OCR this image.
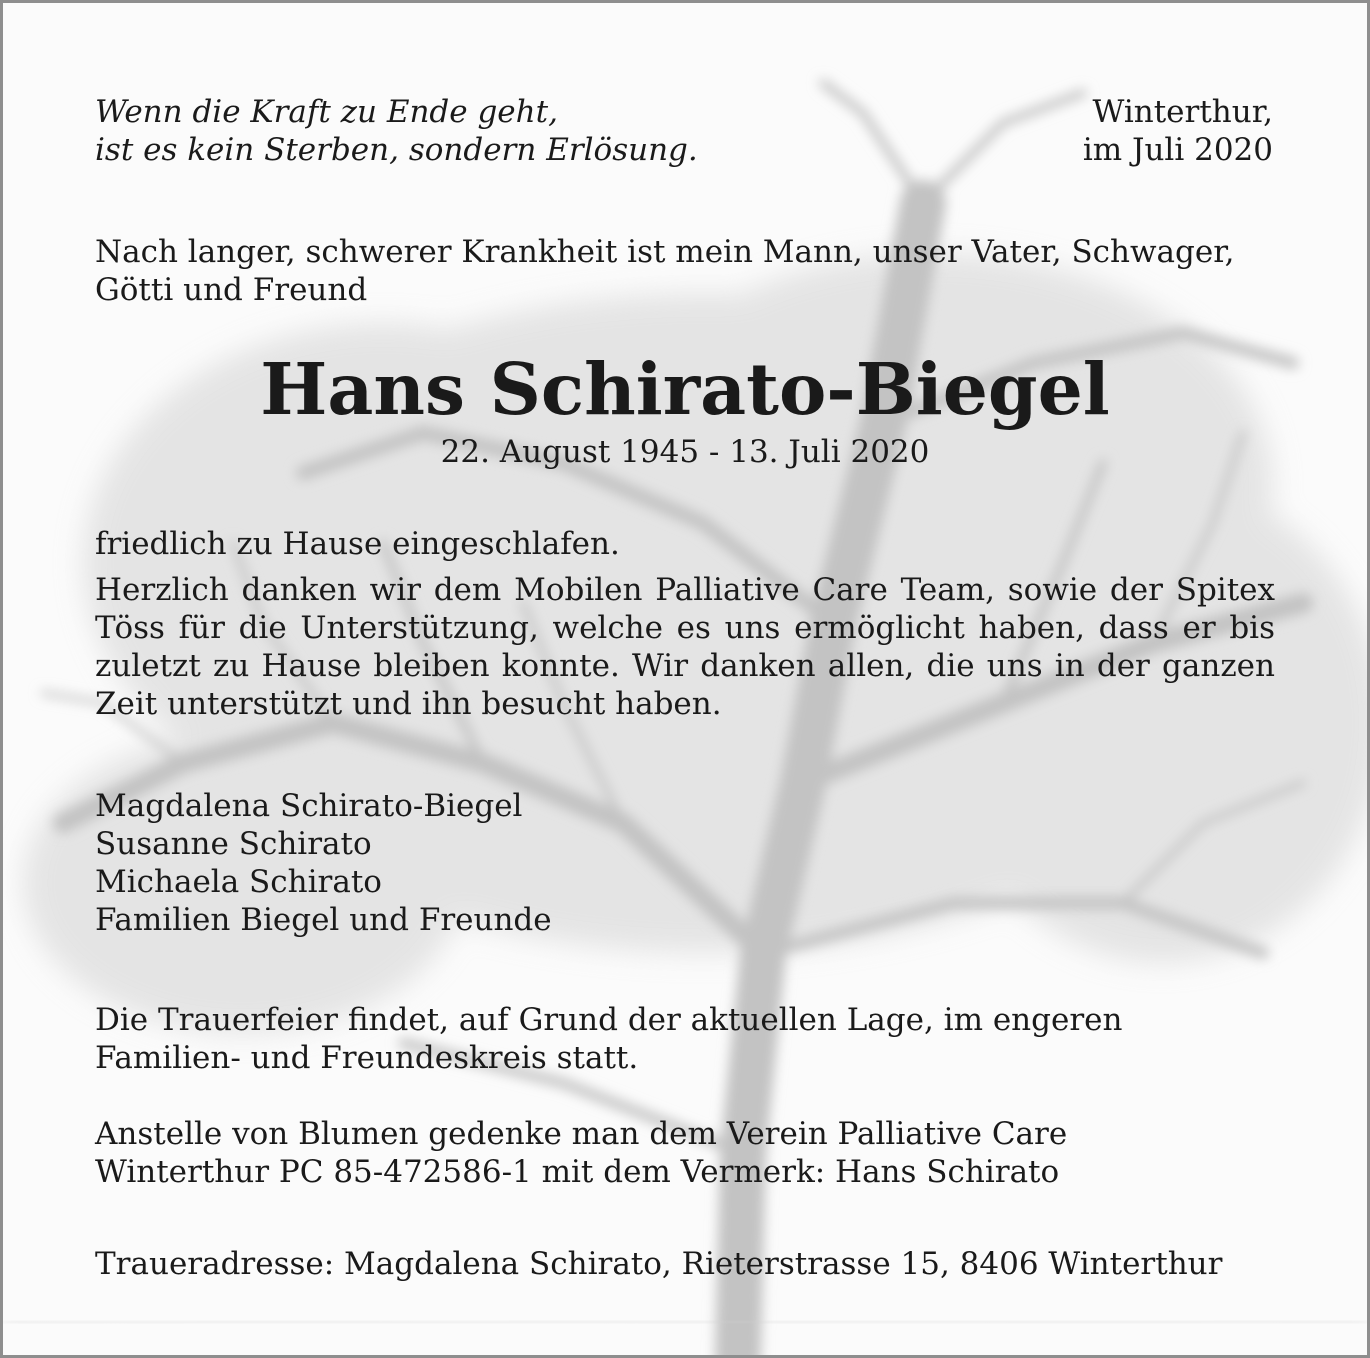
Wenn die Kraft zu Ende geht,
ist es kein Sterben, sondern Erlösung.
Winterthur,
im Juli 2020
Nach langer, schwerer Krankheit ist mein Mann, unser Vater, Schwager,
Götti und Freund
Hans Schirato-Biegel
22. August 1945 - 13. Juli 2020

friedlich zu Hause eingeschlafen.

Herzlich danken wir dem Mobilen Palliative Care Team, sowie der Spitex Töss für die Unterstützung, welche es uns ermöglicht haben, dass er bis zuletzt zu Hause bleiben konnte. Wir danken allen, die uns in der ganzen Zeit unterstützt und ihn besucht haben.

Magdalena Schirato-Biegel
Susanne Schirato
Michaela Schirato
Familien Biegel und Freunde
Die Trauerfeier findet, auf Grund der aktuellen Lage, im engeren
Familien- und Freundeskreis statt.
Anstelle von Blumen gedenke man dem Verein Palliative Care
Winterthur PC 85-472586-1 mit dem Vermerk: Hans Schirato
Traueradresse: Magdalena Schirato, Rieterstrasse 15, 8406 Winterthur
